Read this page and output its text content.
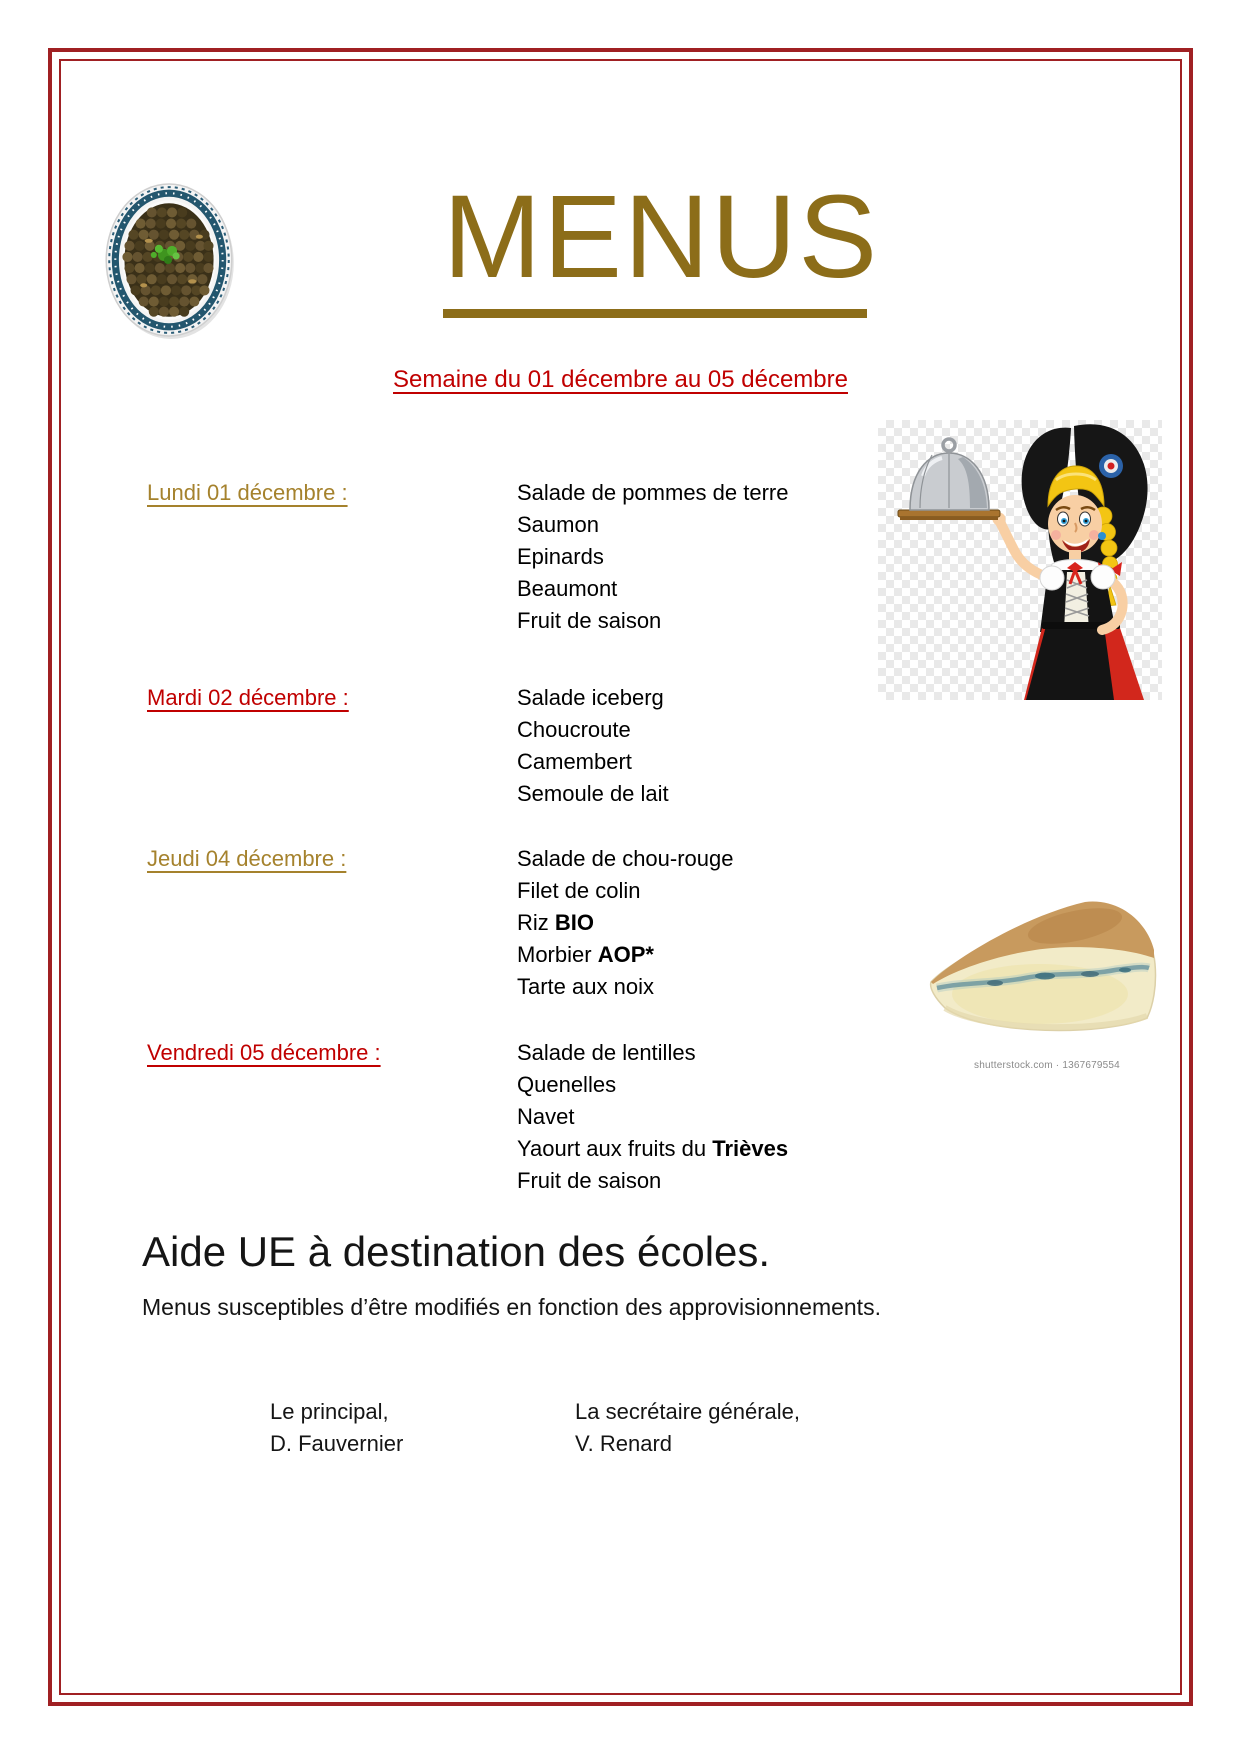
MENUS
Semaine du 01 décembre au 05 décembre
Lundi 01 décembre :	Salade de pommes de terre
Saumon
Epinards
Beaumont
Fruit de saison
Mardi 02 décembre :	Salade iceberg
Choucroute
Camembert
Semoule de lait
Jeudi 04 décembre :	Salade de chou-rouge
Filet de colin
Riz BIO
Morbier AOP*
Tarte aux noix
Vendredi 05 décembre :	Salade de lentilles
Quenelles
Navet
Yaourt aux fruits du Trièves
Fruit de saison
shutterstock.com · 1367679554
Aide UE à destination des écoles.
Menus susceptibles d’être modifiés en fonction des approvisionnements.
Le principal,
D. Fauvernier
La secrétaire générale,
V. Renard
